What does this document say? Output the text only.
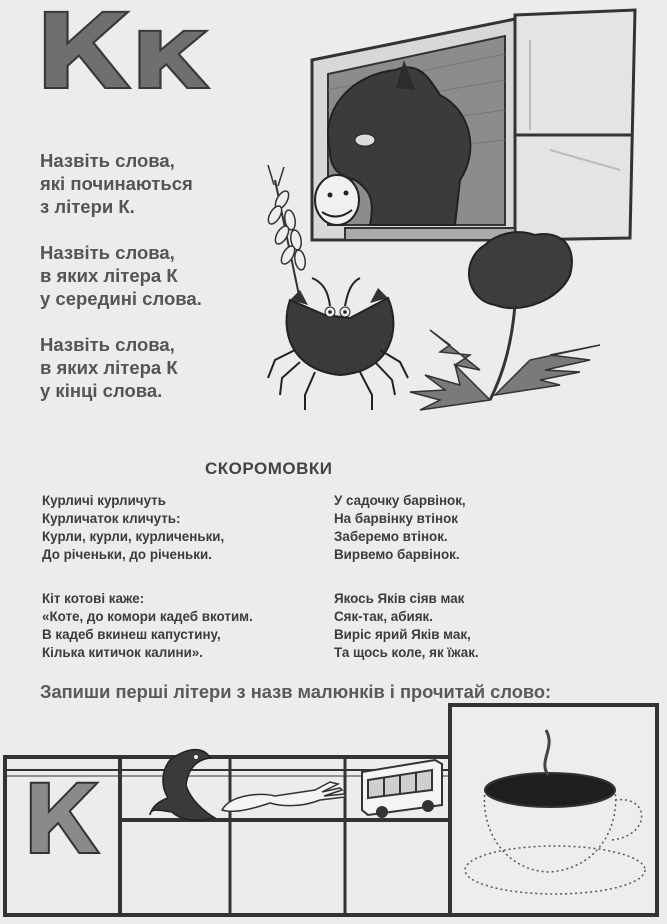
Кк
Назвіть слова,
які починаються
з літери К.
Назвіть слова,
в яких літера К
у середині слова.
Назвіть слова,
в яких літера К
у кінці слова.
СКОРОМОВКИ
Курличі курличуть
Курличаток кличуть:
Курли, курли, курличеньки,
До річеньки, до річеньки.
Кіт котові каже:
«Коте, до комори кадеб вкотим.
В кадеб вкинеш капустину,
Кілька китичок калини».
У садочку барвінок,
На барвінку втінок
Заберемо втінок.
Вирвемо барвінок.
Якось Яків сіяв мак
Сяк-так, абияк.
Виріс ярий Яків мак,
Та щось коле, як їжак.
Запиши перші літери з назв малюнків і прочитай слово:
К
